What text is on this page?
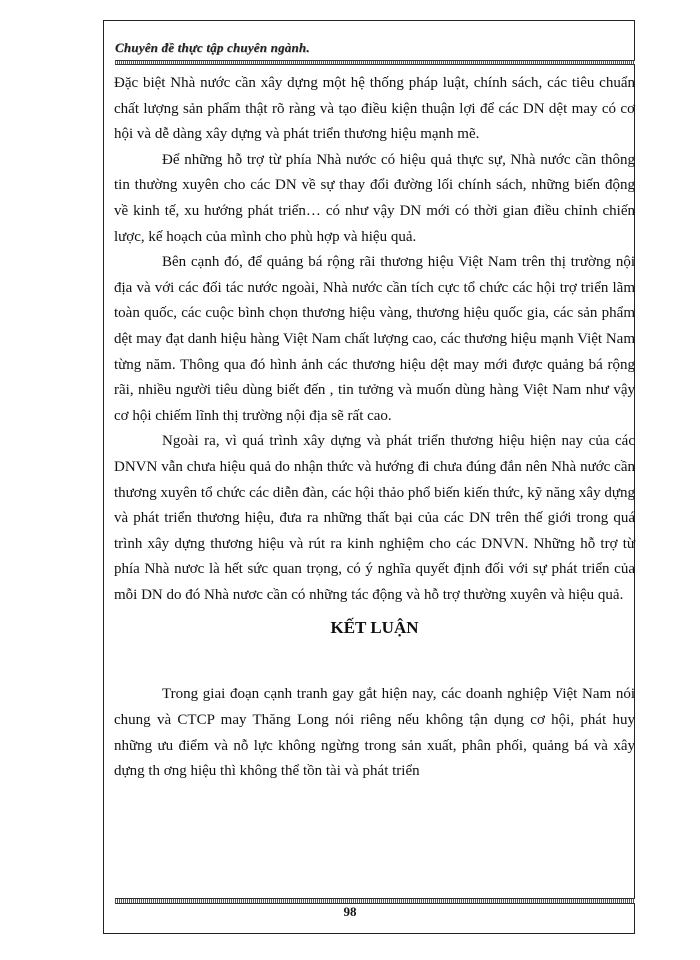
Chuyên đề thực tập chuyên ngành.

Đặc biệt Nhà nước cần xây dựng một hệ thống pháp luật, chính sách, các tiêu chuẩn chất lượng sản phẩm thật rõ ràng và tạo điều kiện thuận lợi để các DN dệt may có cơ hội và dễ dàng xây dựng và phát triển thương hiệu mạnh mẽ.

Để những hỗ trợ từ phía Nhà nước có hiệu quả thực sự, Nhà nước cần thông tin thường xuyên cho các DN về sự thay đổi đường lối chính sách, những biến động về kinh tế, xu hướng phát triển… có như vậy DN mới có thời gian điều chỉnh chiến lược, kế hoạch của mình cho phù hợp và hiệu quả.

Bên cạnh đó, để quảng bá rộng rãi thương hiệu Việt Nam trên thị trường nội địa và với các đối tác nước ngoài, Nhà nước cần tích cực tổ chức các hội trợ triển lãm toàn quốc, các cuộc bình chọn thương hiệu vàng, thương hiệu quốc gia, các sản phẩm dệt may đạt danh hiệu hàng Việt Nam chất lượng cao, các thương hiệu mạnh Việt Nam từng năm. Thông qua đó hình ảnh các thương hiệu dệt may mới được quảng bá rộng rãi, nhiều người tiêu dùng biết đến , tin tưởng và muốn dùng hàng Việt Nam như vậy cơ hội chiếm lĩnh thị trường nội địa sẽ rất cao.

Ngoài ra, vì quá trình xây dựng và phát triển thương hiệu hiện nay của các DNVN vẫn chưa hiệu quả do nhận thức và hướng đi chưa đúng đắn nên Nhà nước cần thương xuyên tổ chức các diễn đàn, các hội thảo phổ biến kiến thức, kỹ năng xây dựng và phát triển thương hiệu, đưa ra những thất bại của các DN trên thế giới trong quá trình xây dựng thương hiệu và rút ra kinh nghiệm cho các DNVN. Những hỗ trợ từ phía Nhà nươc là hết sức quan trọng, có ý nghĩa quyết định đối với sự phát triển của mỗi DN do đó Nhà nươc cần có những tác động và hỗ trợ thường xuyên và hiệu quả.

KẾT LUẬN

Trong giai đoạn cạnh tranh gay gắt hiện nay, các doanh nghiệp Việt Nam nói chung và CTCP may Thăng Long nói riêng nếu không tận dụng cơ hội, phát huy những ưu điểm và nỗ lực không ngừng trong sản xuất, phân phối, quảng bá và xây dựng th ơng hiệu thì không thể tồn tài và phát triển

98
